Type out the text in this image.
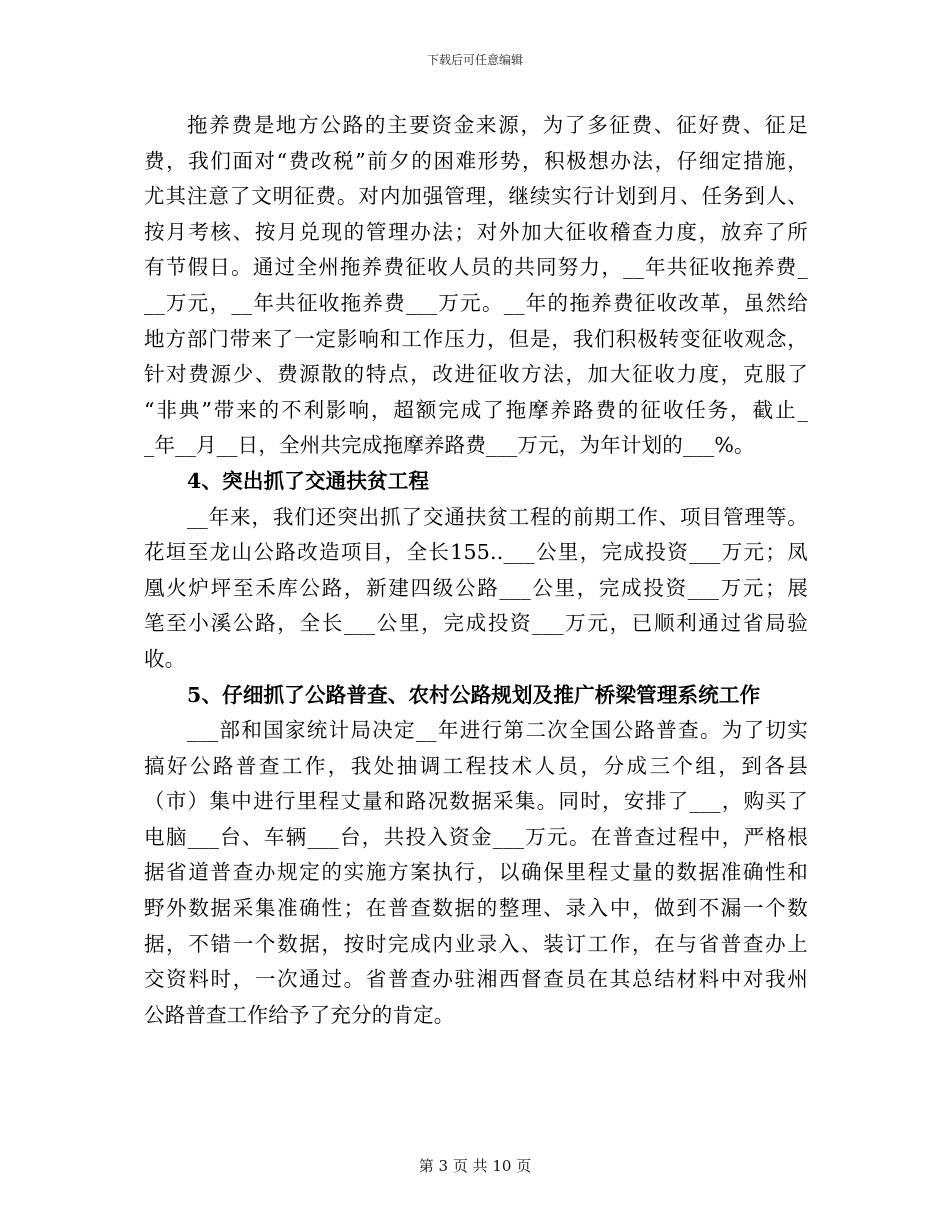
下载后可任意编辑
拖养费是地方公路的主要资金来源，为了多征费、征好费、征足
费，我们面对“费改税”前夕的困难形势，积极想办法，仔细定措施，
尤其注意了文明征费。对内加强管理，继续实行计划到月、任务到人、
按月考核、按月兑现的管理办法；对外加大征收稽查力度，放弃了所
有节假日。通过全州拖养费征收人员的共同努力，__年共征收拖养费_
__万元，__年共征收拖养费___万元。__年的拖养费征收改革，虽然给
地方部门带来了一定影响和工作压力，但是，我们积极转变征收观念，
针对费源少、费源散的特点，改进征收方法，加大征收力度，克服了
“非典”带来的不利影响，超额完成了拖摩养路费的征收任务，截止_
_年__月__日，全州共完成拖摩养路费___万元，为年计划的___%。
4、突出抓了交通扶贫工程
__年来，我们还突出抓了交通扶贫工程的前期工作、项目管理等。
花垣至龙山公路改造项目，全长155..___公里，完成投资___万元；凤
凰火炉坪至禾库公路，新建四级公路___公里，完成投资___万元；展
笔至小溪公路，全长___公里，完成投资___万元，已顺利通过省局验
收。
5、仔细抓了公路普查、农村公路规划及推广桥梁管理系统工作
___部和国家统计局决定__年进行第二次全国公路普查。为了切实
搞好公路普查工作，我处抽调工程技术人员，分成三个组，到各县
（市）集中进行里程丈量和路况数据采集。同时，安排了___，购买了
电脑___台、车辆___台，共投入资金___万元。在普查过程中，严格根
据省道普查办规定的实施方案执行，以确保里程丈量的数据准确性和
野外数据采集准确性；在普查数据的整理、录入中，做到不漏一个数
据，不错一个数据，按时完成内业录入、装订工作，在与省普查办上
交资料时，一次通过。省普查办驻湘西督查员在其总结材料中对我州
公路普查工作给予了充分的肯定。
第 3 页 共 10 页
